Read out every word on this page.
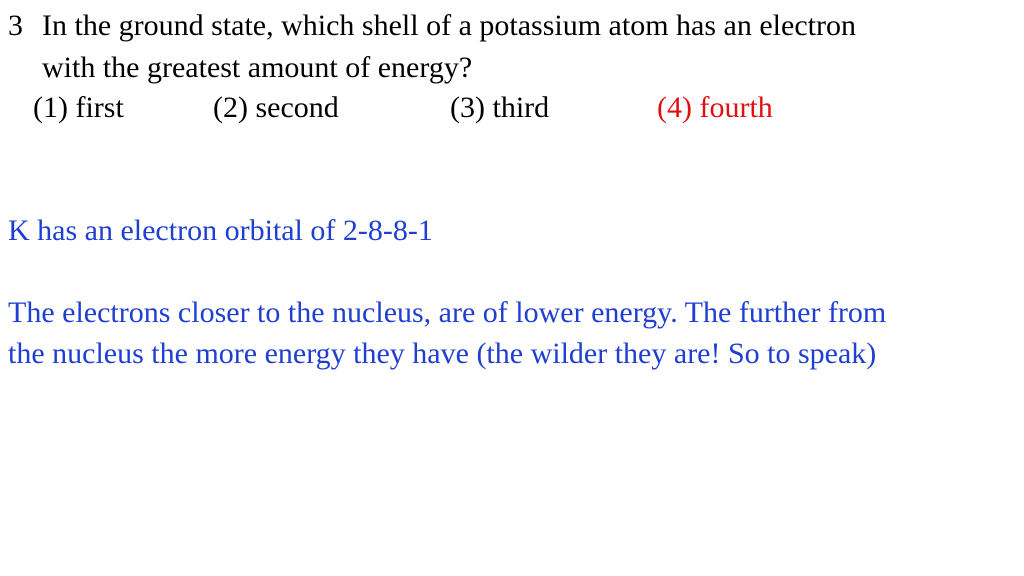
3 In the ground state, which shell of a potassium atom has an electron
with the greatest amount of energy?
(1) first	(2) second	(3) third	(4) fourth
K has an electron orbital of 2-8-8-1
The electrons closer to the nucleus, are of lower energy. The further from
the nucleus the more energy they have (the wilder they are! So to speak)
